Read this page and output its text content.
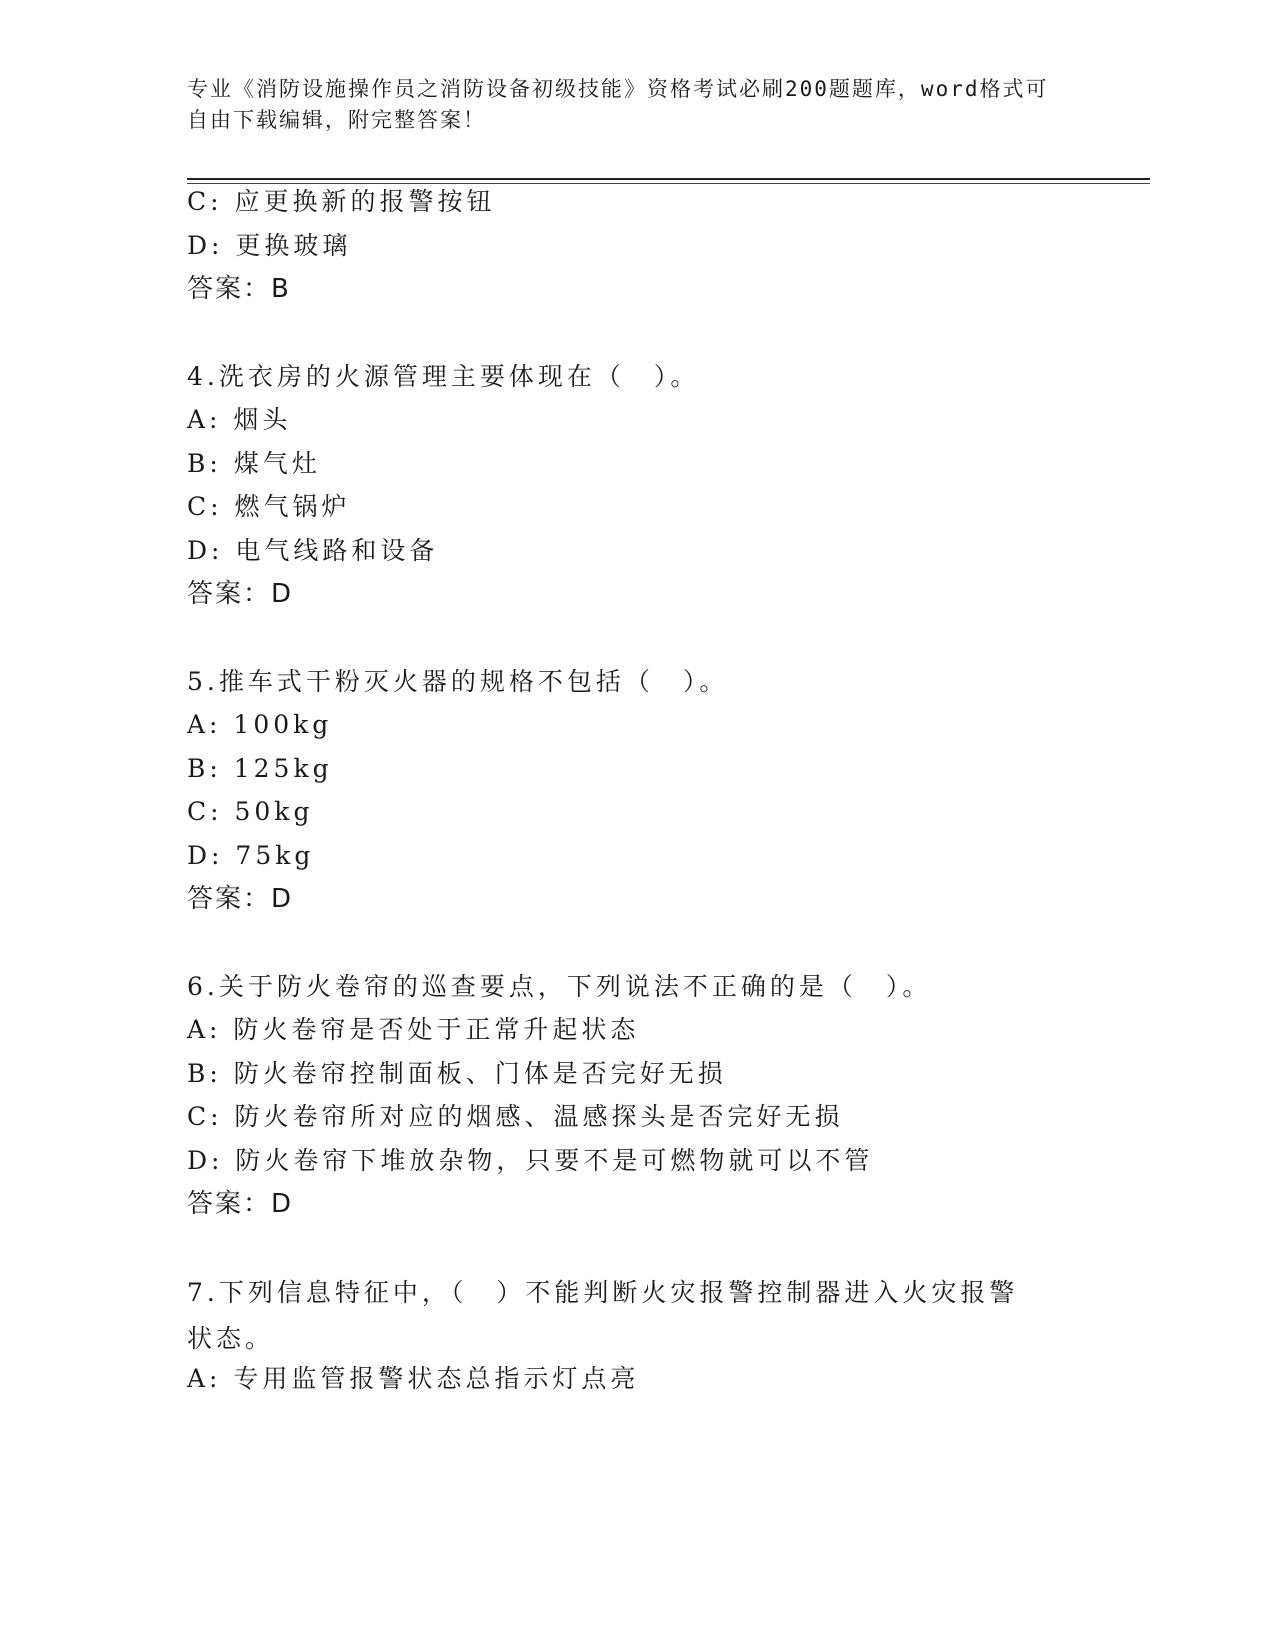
专业《消防设施操作员之消防设备初级技能》资格考试必刷200题题库，word格式可自由下载编辑，附完整答案！
C: 应更换新的报警按钮
D: 更换玻璃
答案：B
4.洗衣房的火源管理主要体现在（　）。
A: 烟头
B: 煤气灶
C: 燃气锅炉
D: 电气线路和设备
答案：D
5.推车式干粉灭火器的规格不包括（　）。
A: 100kg
B: 125kg
C: 50kg
D: 75kg
答案：D
6.关于防火卷帘的巡查要点，下列说法不正确的是（　）。
A: 防火卷帘是否处于正常升起状态
B: 防火卷帘控制面板、门体是否完好无损
C: 防火卷帘所对应的烟感、温感探头是否完好无损
D: 防火卷帘下堆放杂物，只要不是可燃物就可以不管
答案：D
7.下列信息特征中，（　）不能判断火灾报警控制器进入火灾报警状态。
A: 专用监管报警状态总指示灯点亮
